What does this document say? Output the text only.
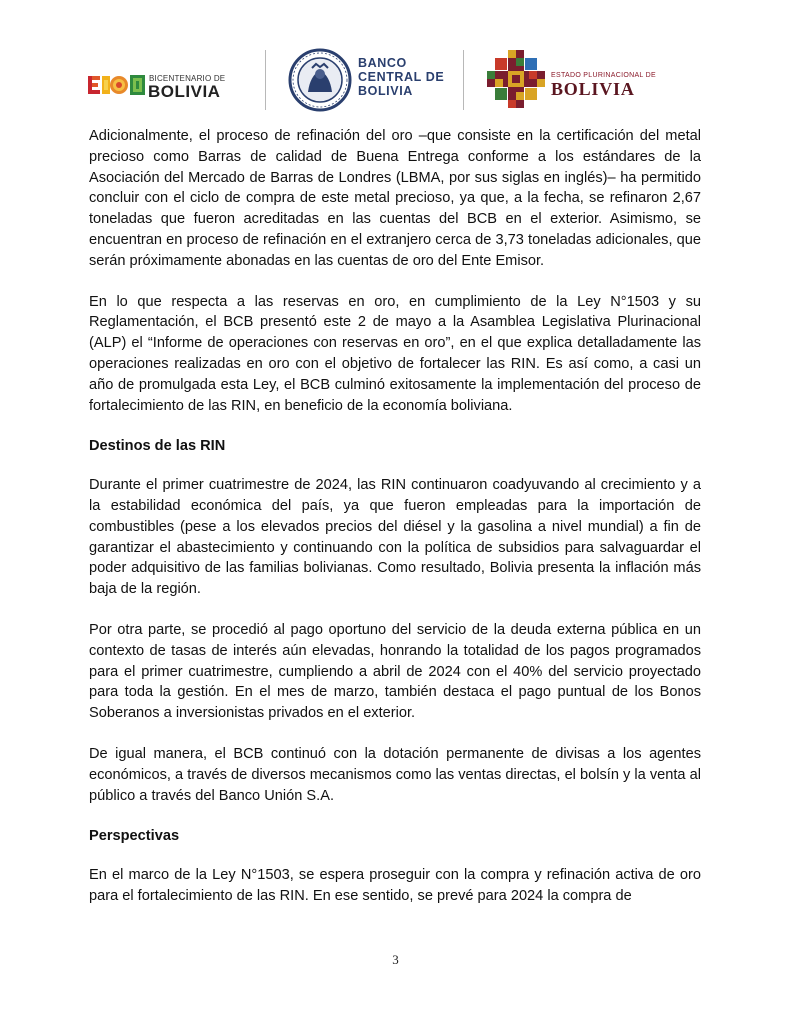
BICENTENARIO DE
BOLIVIA
BANCO
CENTRAL DE
BOLIVIA
ESTADO PLURINACIONAL DE
BOLIVIA

Adicionalmente, el proceso de refinación del oro –que consiste en la certificación del metal precioso como Barras de calidad de Buena Entrega conforme a los estándares de la Asociación del Mercado de Barras de Londres (LBMA, por sus siglas en inglés)– ha permitido concluir con el ciclo de compra de este metal precioso, ya que, a la fecha, se refinaron 2,67 toneladas que fueron acreditadas en las cuentas del BCB en el exterior. Asimismo, se encuentran en proceso de refinación en el extranjero cerca de 3,73 toneladas adicionales, que serán próximamente abonadas en las cuentas de oro del Ente Emisor.

En lo que respecta a las reservas en oro, en cumplimiento de la Ley N°1503 y su Reglamentación, el BCB presentó este 2 de mayo a la Asamblea Legislativa Plurinacional (ALP) el “Informe de operaciones con reservas en oro”, en el que explica detalladamente las operaciones realizadas en oro con el objetivo de fortalecer las RIN. Es así como, a casi un año de promulgada esta Ley, el BCB culminó exitosamente la implementación del proceso de fortalecimiento de las RIN, en beneficio de la economía boliviana.

Destinos de las RIN

Durante el primer cuatrimestre de 2024, las RIN continuaron coadyuvando al crecimiento y a la estabilidad económica del país, ya que fueron empleadas para la importación de combustibles (pese a los elevados precios del diésel y la gasolina a nivel mundial) a fin de garantizar el abastecimiento y continuando con la política de subsidios para salvaguardar el poder adquisitivo de las familias bolivianas. Como resultado, Bolivia presenta la inflación más baja de la región.

Por otra parte, se procedió al pago oportuno del servicio de la deuda externa pública en un contexto de tasas de interés aún elevadas, honrando la totalidad de los pagos programados para el primer cuatrimestre, cumpliendo a abril de 2024 con el 40% del servicio proyectado para toda la gestión. En el mes de marzo, también destaca el pago puntual de los Bonos Soberanos a inversionistas privados en el exterior.

De igual manera, el BCB continuó con la dotación permanente de divisas a los agentes económicos, a través de diversos mecanismos como las ventas directas, el bolsín y la venta al público a través del Banco Unión S.A.

Perspectivas

En el marco de la Ley N°1503, se espera proseguir con la compra y refinación activa de oro para el fortalecimiento de las RIN. En ese sentido, se prevé para 2024 la compra de

3
